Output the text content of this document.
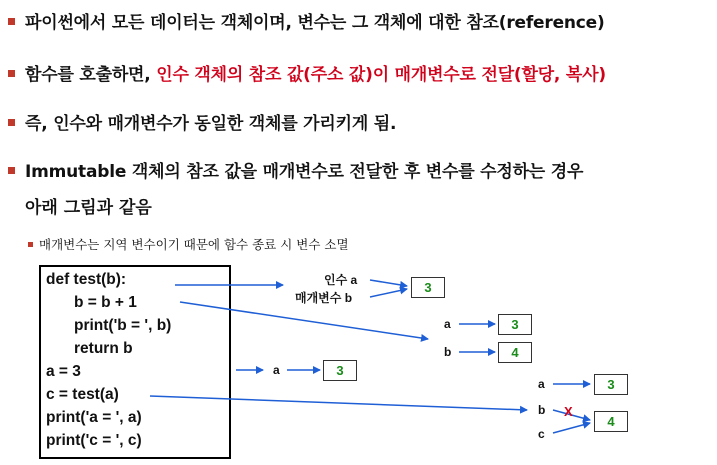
파이썬에서 모든 데이터는 객체이며, 변수는 그 객체에 대한 참조(reference)
함수를 호출하면, 인수 객체의 참조 값(주소 값)이 매개변수로 전달(할당, 복사)
즉, 인수와 매개변수가 동일한 객체를 가리키게 됨.
Immutable 객체의 참조 값을 매개변수로 전달한 후 변수를 수정하는 경우
아래 그림과 같음
매개변수는 지역 변수이기 때문에 함수 종료 시 변수 소멸
def test(b):
b = b + 1
print('b = ', b)
return b
a = 3
c = test(a)
print('a = ', a)
print('c = ', c)
인수 a
매개변수 b
3
a
b
3
4
a	3
a
b
c
3
4
X
